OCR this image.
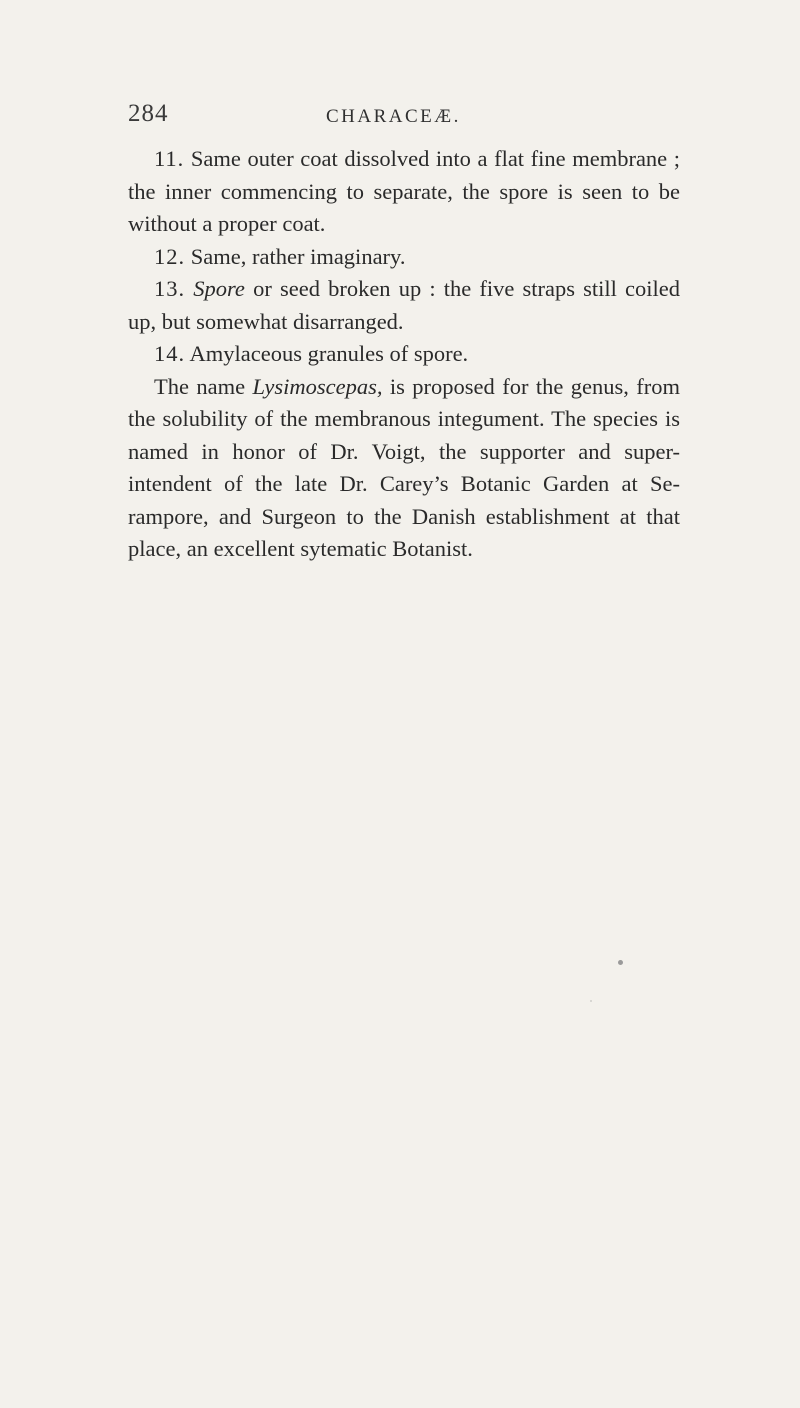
284	CHARACEÆ.

11. Same outer coat dissolved into a flat fine membrane ; the inner commencing to separate, the spore is seen to be without a proper coat.

12. Same, rather imaginary.

13. Spore or seed broken up : the five straps still coiled up, but somewhat disarranged.

14. Amylaceous granules of spore.

The name Lysimoscepas, is proposed for the genus, from the solubility of the membranous integument. The species is named in honor of Dr. Voigt, the supporter and super-intendent of the late Dr. Carey’s Botanic Garden at Se-rampore, and Surgeon to the Danish establishment at that place, an excellent sytematic Botanist.
